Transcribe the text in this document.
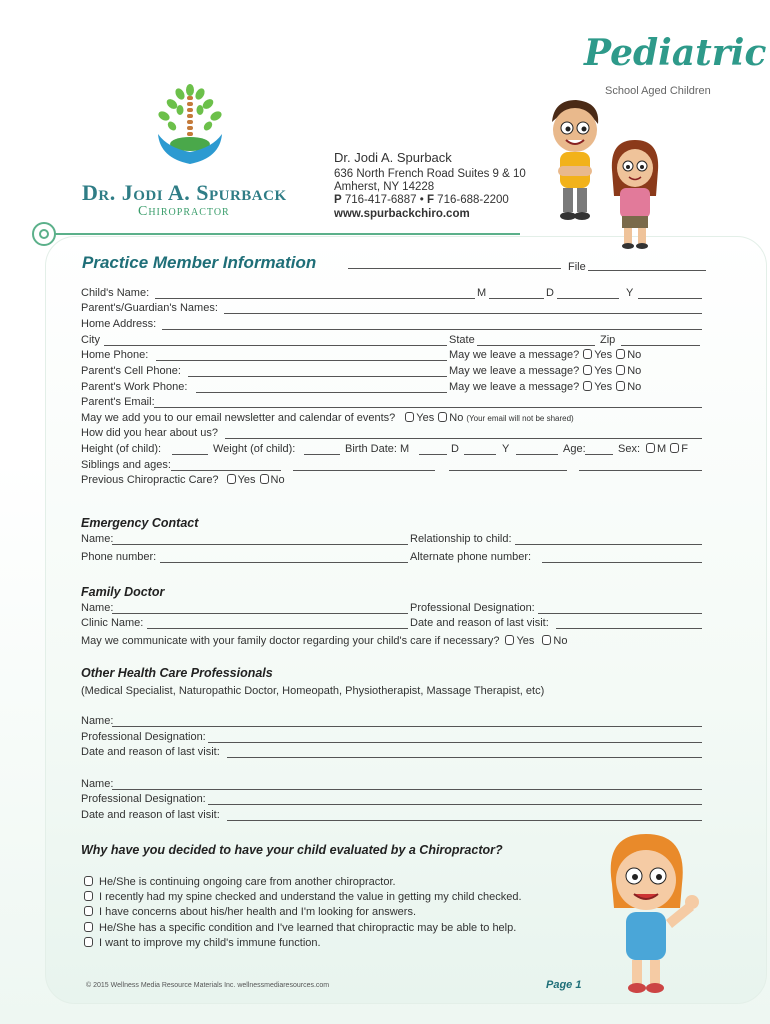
Dr. Jodi A. Spurback
Chiropractor
Dr. Jodi A. Spurback
636 North French Road Suites 9 & 10
Amherst, NY 14228
P 716-417-6887 • F 716-688-2200
www.spurbackchiro.com
Pediatric
School Aged Children
Practice Member Information	File
Child's Name:	M	D	Y
Parent's/Guardian's Names:
Home Address:
City	State	Zip
Home Phone:	May we leave a message? Yes No
Parent's Cell Phone:	May we leave a message? Yes No
Parent's Work Phone:	May we leave a message? Yes No
Parent's Email:
May we add you to our email newsletter and calendar of events? Yes No (Your email will not be shared)
How did you hear about us?
Height (of child):	Weight (of child):	Birth Date: M	D	Y	Age:	Sex: M F
Siblings and ages:
Previous Chiropractic Care? Yes No
Emergency Contact
Name:	Relationship to child:
Phone number:	Alternate phone number:
Family Doctor
Name:	Professional Designation:
Clinic Name:	Date and reason of last visit:
May we communicate with your family doctor regarding your child's care if necessary? Yes No
Other Health Care Professionals
(Medical Specialist, Naturopathic Doctor, Homeopath, Physiotherapist, Massage Therapist, etc)
Name:
Professional Designation:
Date and reason of last visit:
Name:
Professional Designation:
Date and reason of last visit:
Why have you decided to have your child evaluated by a Chiropractor?
He/She is continuing ongoing care from another chiropractor.
I recently had my spine checked and understand the value in getting my child checked.
I have concerns about his/her health and I'm looking for answers.
He/She has a specific condition and I've learned that chiropractic may be able to help.
I want to improve my child's immune function.
© 2015 Wellness Media Resource Materials Inc. wellnessmediaresources.com	Page 1
